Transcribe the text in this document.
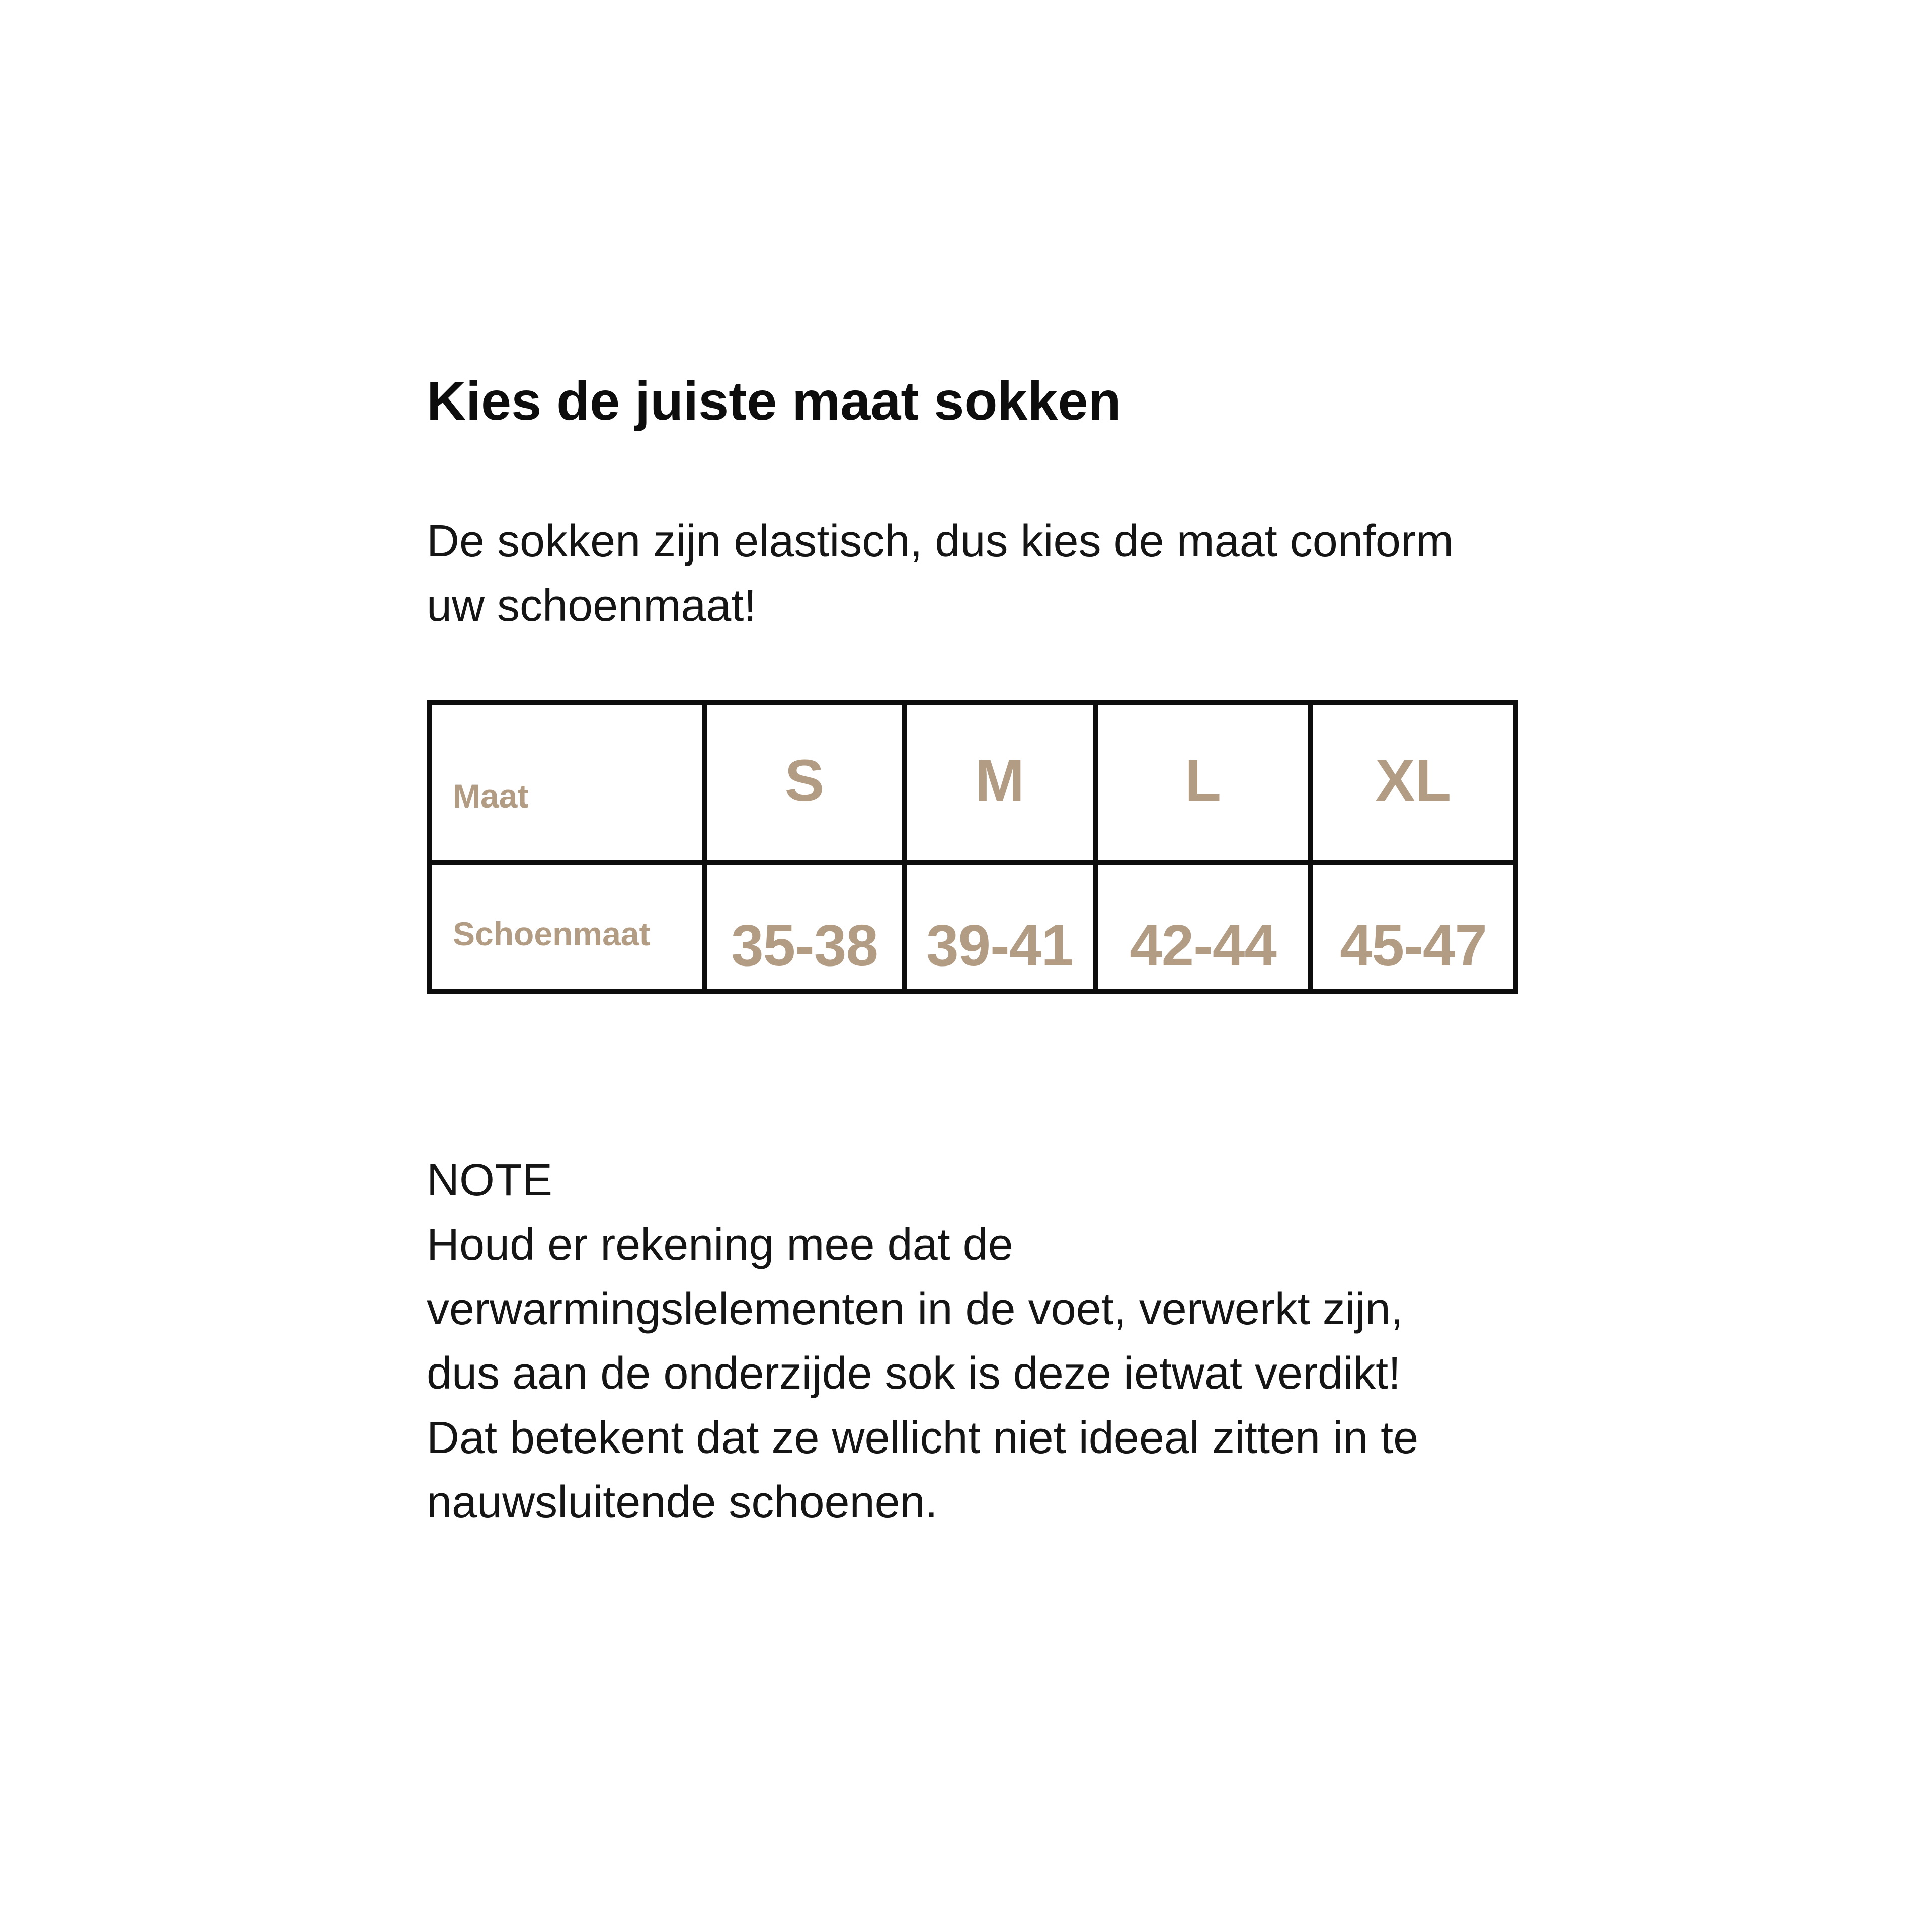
Kies de juiste maat sokken

De sokken zijn elastisch, dus kies de maat conform
uw schoenmaat!

Maat	S	M	L	XL
Schoenmaat	35-38	39-41	42-44	45-47

NOTE
Houd er rekening mee dat de
verwarmingslelementen in de voet, verwerkt zijn,
dus aan de onderzijde sok is deze ietwat verdikt!
Dat betekent dat ze wellicht niet ideeal zitten in te
nauwsluitende schoenen.
